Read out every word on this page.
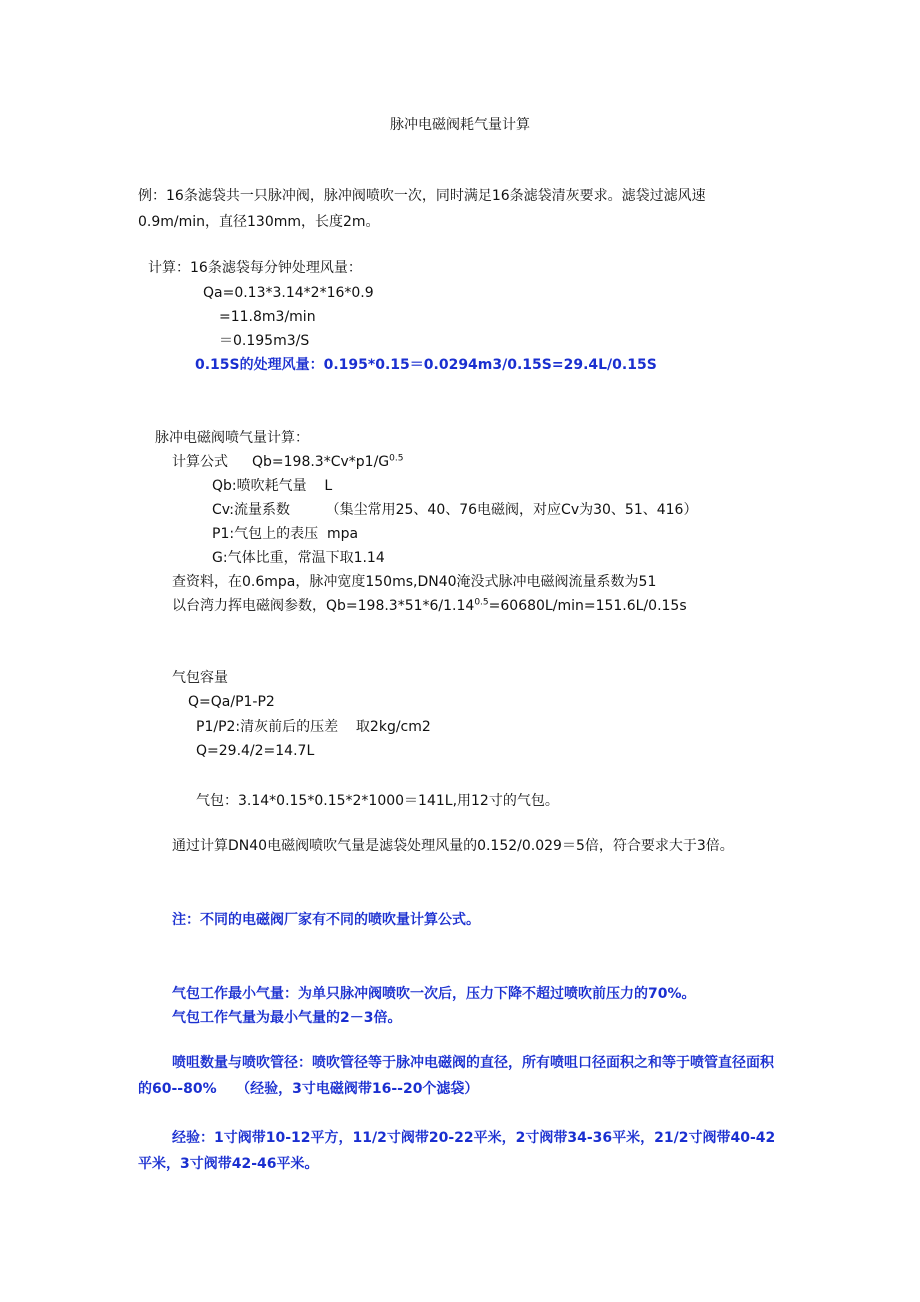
脉冲电磁阀耗气量计算
例：16条滤袋共一只脉冲阀，脉冲阀喷吹一次，同时满足16条滤袋清灰要求。滤袋过滤风速0.9m/min，直径130mm，长度2m。
计算：16条滤袋每分钟处理风量：
Qa=0.13*3.14*2*16*0.9
=11.8m3/min
＝0.195m3/S
0.15S的处理风量：0.195*0.15＝0.0294m3/0.15S=29.4L/0.15S
脉冲电磁阀喷气量计算：
计算公式 $Qb=198.3*Cv*p1/G^{0.5}$
Qb:喷吹耗气量    L
Cv:流量系数        （集尘常用25、40、76电磁阀，对应Cv为30、51、416）
P1:气包上的表压  mpa
G:气体比重，常温下取1.14
查资料，在0.6mpa，脉冲宽度150ms,DN40淹没式脉冲电磁阀流量系数为51
以台湾力挥电磁阀参数，$Qb=198.3*51*6/1.14^{0.5}=60680L/\min=151.6L/0.15s$
气包容量
Q=Qa/P1-P2
P1/P2:清灰前后的压差    取2kg/cm2
Q=29.4/2=14.7L
气包：3.14*0.15*0.15*2*1000＝141L,用12寸的气包。
通过计算DN40电磁阀喷吹气量是滤袋处理风量的0.152/0.029＝5倍，符合要求大于3倍。
注：不同的电磁阀厂家有不同的喷吹量计算公式。
气包工作最小气量：为单只脉冲阀喷吹一次后，压力下降不超过喷吹前压力的70%。
气包工作气量为最小气量的2－3倍。
喷咀数量与喷吹管径：喷吹管径等于脉冲电磁阀的直径，所有喷咀口径面积之和等于喷管直径面积的60--80%    （经验，3寸电磁阀带16--20个滤袋）
经验：1寸阀带10-12平方，11/2寸阀带20-22平米，2寸阀带34-36平米，21/2寸阀带40-42平米，3寸阀带42-46平米。
